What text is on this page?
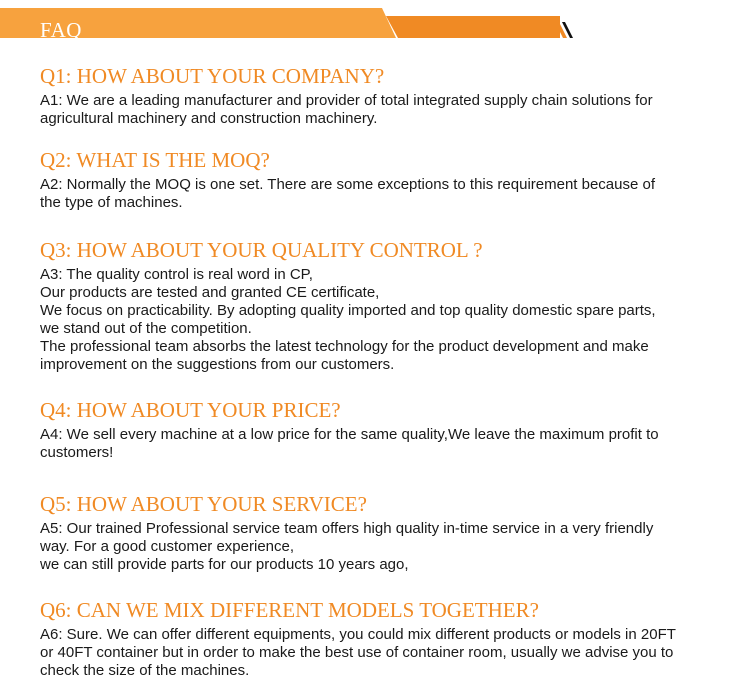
FAQ
Q1: HOW ABOUT YOUR COMPANY?
A1: We are a leading manufacturer and provider of total integrated supply chain solutions for
agricultural machinery and construction machinery.
Q2: WHAT IS THE MOQ?
A2: Normally the MOQ is one set. There are some exceptions to this requirement because of
the type of machines.
Q3: HOW ABOUT YOUR QUALITY CONTROL ?
A3: The quality control is real word in CP,
Our products are tested and granted CE certificate,
We focus on practicability. By adopting quality imported and top quality domestic spare parts,
we stand out of the competition.
The professional team absorbs the latest technology for the product development and make
improvement on the suggestions from our customers.
Q4: HOW ABOUT YOUR PRICE?
A4: We sell every machine at a low price for the same quality,We leave the maximum profit to
customers!
Q5: HOW ABOUT YOUR SERVICE?
A5: Our trained Professional service team offers high quality in-time service in a very friendly
way. For a good customer experience,
we can still provide parts for our products 10 years ago,
Q6: CAN WE MIX DIFFERENT MODELS TOGETHER?
A6: Sure. We can offer different equipments, you could mix different products or models in 20FT
or 40FT container but in order to make the best use of container room, usually we advise you to
check the size of the machines.
